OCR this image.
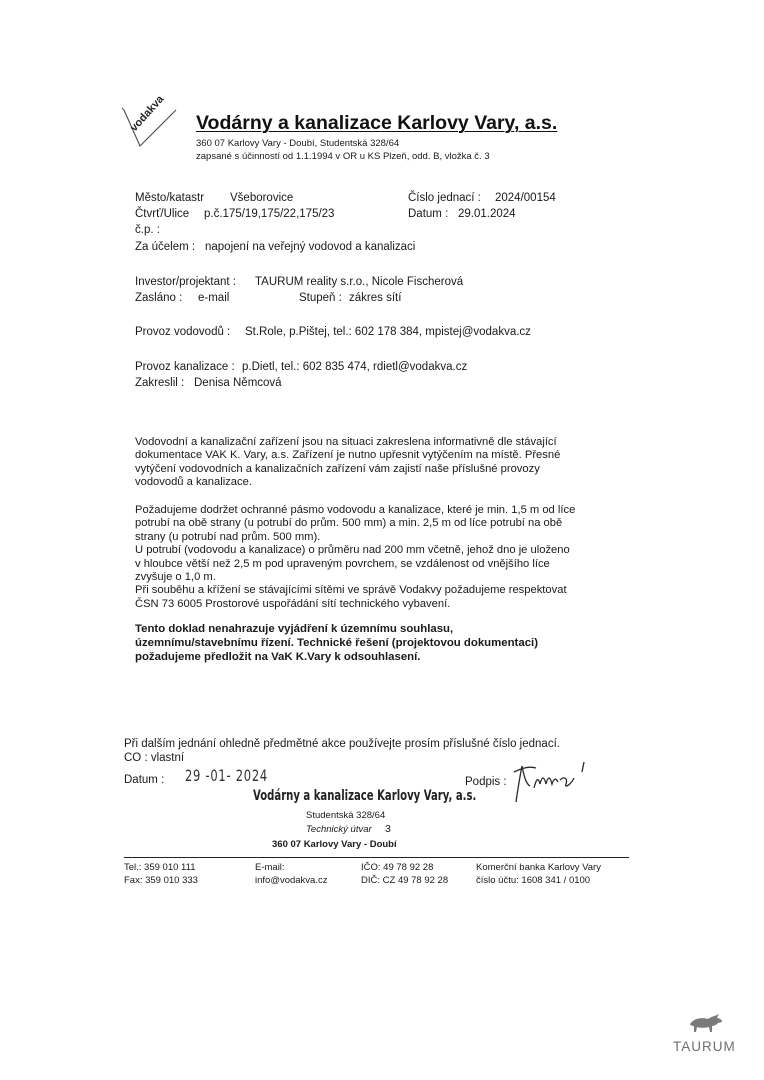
vodakva Vodárny a kanalizace Karlovy Vary, a.s.
360 07 Karlovy Vary - Doubí, Studentská 328/64
zapsané s účinností od 1.1.1994 v OR u KS Plzeň, odd. B, vložka č. 3
Město/katastr Všeborovice
Čtvrť/Ulice p.č.175/19,175/22,175/23
č.p. :
Číslo jednací : 2024/00154
Datum : 29.01.2024
Za účelem : napojení na veřejný vodovod a kanalizaci
Investor/projektant : TAURUM reality s.r.o., Nicole Fischerová
Zasláno : e-mail	Stupeň : zákres sítí
Provoz vodovodů : St.Role, p.Pištej, tel.: 602 178 384, mpistej@vodakva.cz
Provoz kanalizace : p.Dietl, tel.: 602 835 474, rdietl@vodakva.cz
Zakreslil : Denisa Němcová

Vodovodní a kanalizační zařízení jsou na situaci zakreslena informativně dle stávající

dokumentace VAK K. Vary, a.s. Zařízení je nutno upřesnit vytýčením na místě. Přesné

vytýčení vodovodních a kanalizačních zařízení vám zajistí naše příslušné provozy

vodovodů a kanalizace.

Požadujeme dodržet ochranné pásmo vodovodu a kanalizace, které je min. 1,5 m od líce

potrubí na obě strany (u potrubí do prům. 500 mm) a min. 2,5 m od líce potrubí na obě

strany (u potrubí nad prům. 500 mm).

U potrubí (vodovodu a kanalizace) o průměru nad 200 mm včetně, jehož dno je uloženo

v hloubce větší než 2,5 m pod upraveným povrchem, se vzdálenost od vnějšího líce

zvyšuje o 1,0 m.

Při souběhu a křížení se stávajícími sítěmi ve správě Vodakvy požadujeme respektovat

ČSN 73 6005 Prostorové uspořádání sítí technického vybavení.

Tento doklad nenahrazuje vyjádření k územnímu souhlasu,
územnímu/stavebnímu řízení. Technické řešení (projektovou dokumentaci)
požadujeme předložit na VaK K.Vary k odsouhlasení.
Při dalším jednání ohledně předmětné akce používejte prosím příslušné číslo jednací.
CO : vlastní
Datum : 29 -01- 2024	Podpis :
Vodárny a kanalizace Karlovy Vary, a.s.
Studentská 328/64
Technický útvar 3
360 07 Karlovy Vary - Doubí
Tel.: 359 010 111
Fax: 359 010 333
E-mail:
info@vodakva.cz
IČO: 49 78 92 28
DIČ: CZ 49 78 92 28
Komerční banka Karlovy Vary
číslo účtu: 1608 341 / 0100
TAURUM
